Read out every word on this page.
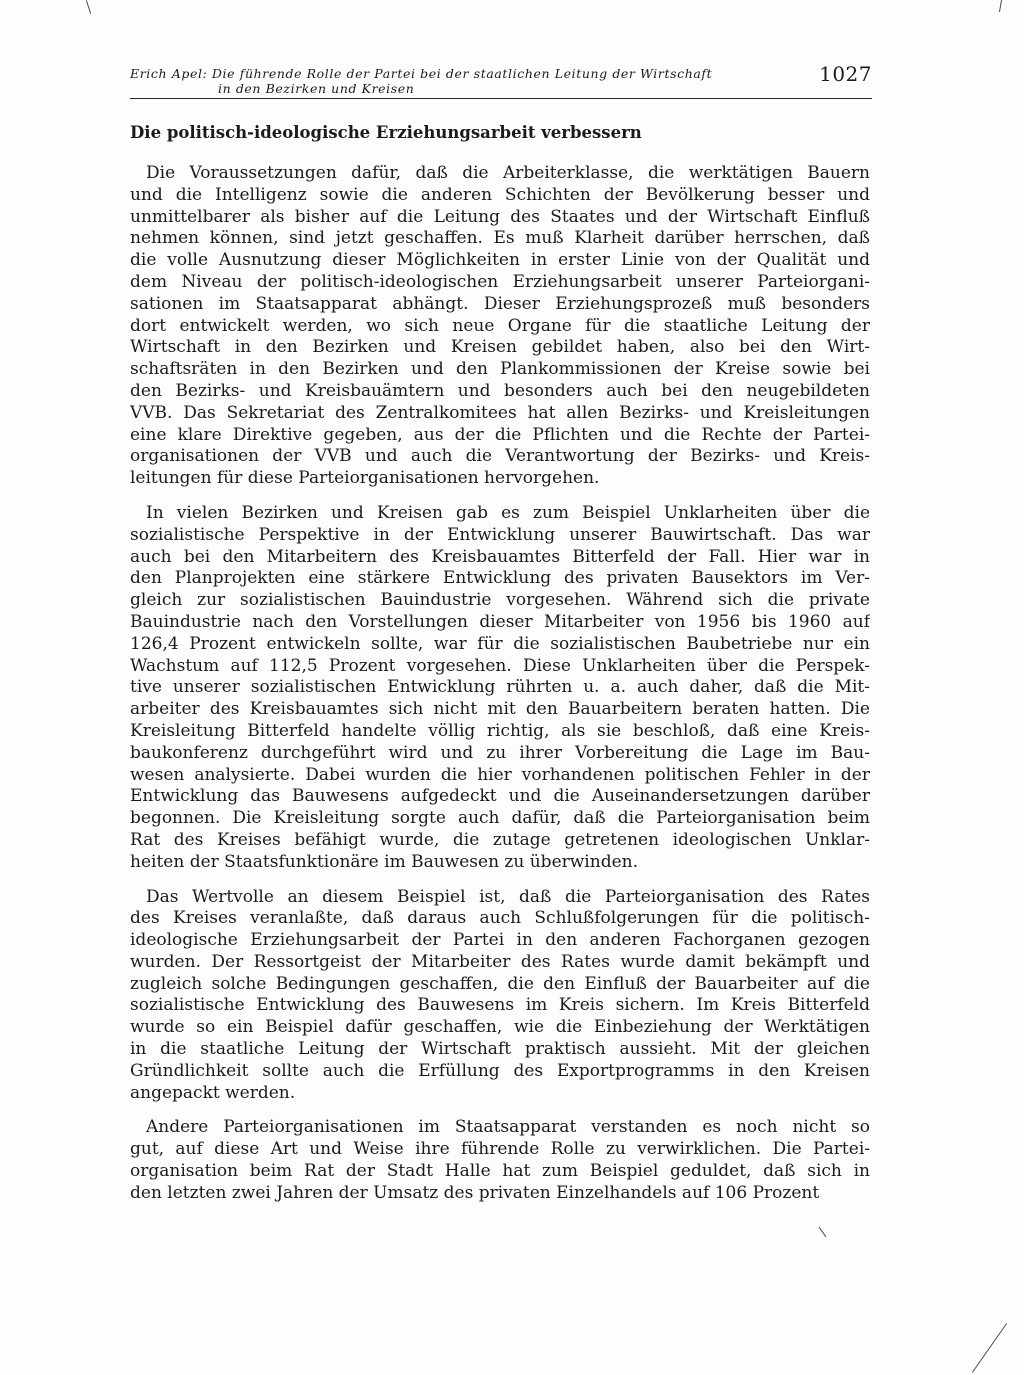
Erich Apel: Die führende Rolle der Partei bei der staatlichen Leitung der Wirtschaft
in den Bezirken und Kreisen
1027
Die politisch-ideologische Erziehungsarbeit verbessern
Die Voraussetzungen dafür, daß die Arbeiterklasse, die werktätigen Bauern
und die Intelligenz sowie die anderen Schichten der Bevölkerung besser und
unmittelbarer als bisher auf die Leitung des Staates und der Wirtschaft Einfluß
nehmen können, sind jetzt geschaffen. Es muß Klarheit darüber herrschen, daß
die volle Ausnutzung dieser Möglichkeiten in erster Linie von der Qualität und
dem Niveau der politisch-ideologischen Erziehungsarbeit unserer Parteiorgani-
sationen im Staatsapparat abhängt. Dieser Erziehungsprozeß muß besonders
dort entwickelt werden, wo sich neue Organe für die staatliche Leitung der
Wirtschaft in den Bezirken und Kreisen gebildet haben, also bei den Wirt-
schaftsräten in den Bezirken und den Plankommissionen der Kreise sowie bei
den Bezirks- und Kreisbauämtern und besonders auch bei den neugebildeten
VVB. Das Sekretariat des Zentralkomitees hat allen Bezirks- und Kreisleitungen
eine klare Direktive gegeben, aus der die Pflichten und die Rechte der Partei-
organisationen der VVB und auch die Verantwortung der Bezirks- und Kreis-
leitungen für diese Parteiorganisationen hervorgehen.
In vielen Bezirken und Kreisen gab es zum Beispiel Unklarheiten über die
sozialistische Perspektive in der Entwicklung unserer Bauwirtschaft. Das war
auch bei den Mitarbeitern des Kreisbauamtes Bitterfeld der Fall. Hier war in
den Planprojekten eine stärkere Entwicklung des privaten Bausektors im Ver-
gleich zur sozialistischen Bauindustrie vorgesehen. Während sich die private
Bauindustrie nach den Vorstellungen dieser Mitarbeiter von 1956 bis 1960 auf
126,4 Prozent entwickeln sollte, war für die sozialistischen Baubetriebe nur ein
Wachstum auf 112,5 Prozent vorgesehen. Diese Unklarheiten über die Perspek-
tive unserer sozialistischen Entwicklung rührten u. a. auch daher, daß die Mit-
arbeiter des Kreisbauamtes sich nicht mit den Bauarbeitern beraten hatten. Die
Kreisleitung Bitterfeld handelte völlig richtig, als sie beschloß, daß eine Kreis-
baukonferenz durchgeführt wird und zu ihrer Vorbereitung die Lage im Bau-
wesen analysierte. Dabei wurden die hier vorhandenen politischen Fehler in der
Entwicklung das Bauwesens aufgedeckt und die Auseinandersetzungen darüber
begonnen. Die Kreisleitung sorgte auch dafür, daß die Parteiorganisation beim
Rat des Kreises befähigt wurde, die zutage getretenen ideologischen Unklar-
heiten der Staatsfunktionäre im Bauwesen zu überwinden.
Das Wertvolle an diesem Beispiel ist, daß die Parteiorganisation des Rates
des Kreises veranlaßte, daß daraus auch Schlußfolgerungen für die politisch-
ideologische Erziehungsarbeit der Partei in den anderen Fachorganen gezogen
wurden. Der Ressortgeist der Mitarbeiter des Rates wurde damit bekämpft und
zugleich solche Bedingungen geschaffen, die den Einfluß der Bauarbeiter auf die
sozialistische Entwicklung des Bauwesens im Kreis sichern. Im Kreis Bitterfeld
wurde so ein Beispiel dafür geschaffen, wie die Einbeziehung der Werktätigen
in die staatliche Leitung der Wirtschaft praktisch aussieht. Mit der gleichen
Gründlichkeit sollte auch die Erfüllung des Exportprogramms in den Kreisen
angepackt werden.
Andere Parteiorganisationen im Staatsapparat verstanden es noch nicht so
gut, auf diese Art und Weise ihre führende Rolle zu verwirklichen. Die Partei-
organisation beim Rat der Stadt Halle hat zum Beispiel geduldet, daß sich in
den letzten zwei Jahren der Umsatz des privaten Einzelhandels auf 106 Prozent
